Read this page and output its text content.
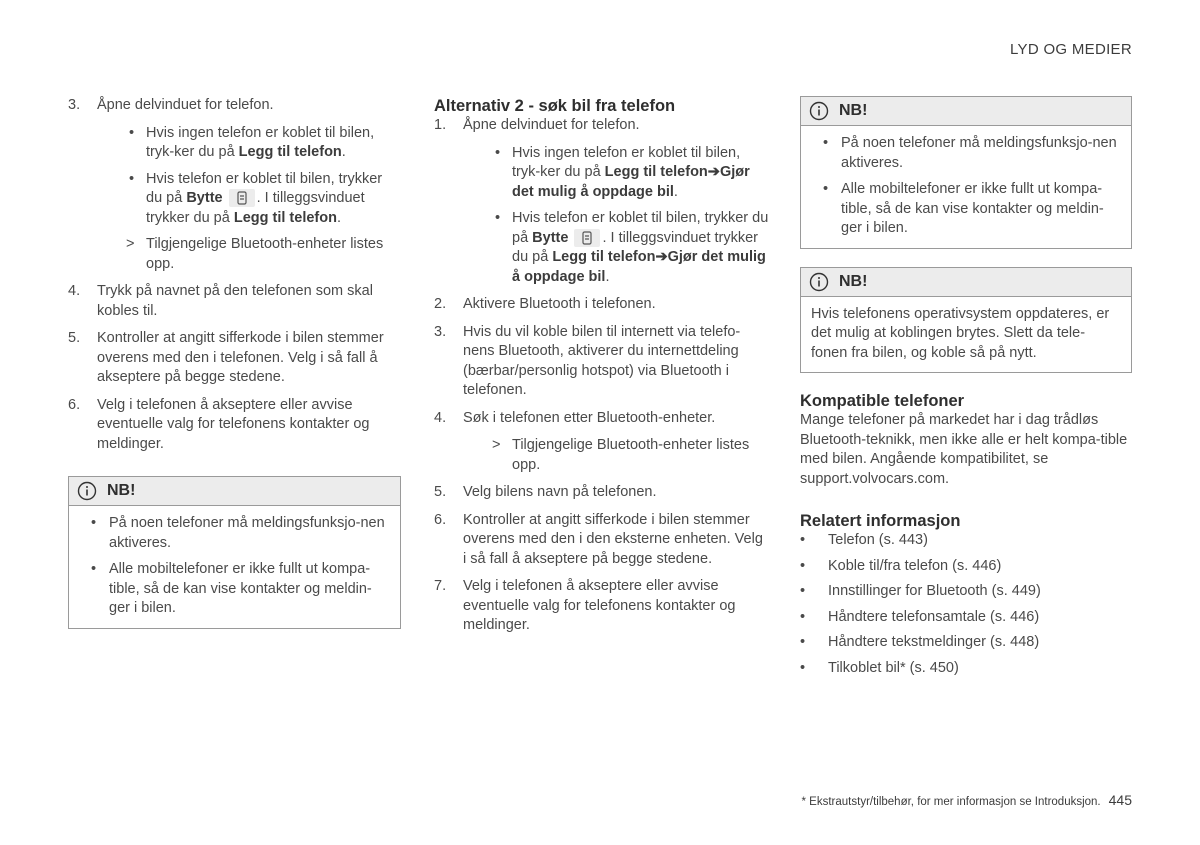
LYD OG MEDIER
3. Åpne delvinduet for telefon.
• Hvis ingen telefon er koblet til bilen, tryk-ker du på Legg til telefon.
• Hvis telefon er koblet til bilen, trykker du på Bytte . I tilleggsvinduet trykker du på Legg til telefon.
> Tilgjengelige Bluetooth-enheter listes opp.
4. Trykk på navnet på den telefonen som skal kobles til.
5. Kontroller at angitt sifferkode i bilen stemmer overens med den i telefonen. Velg i så fall å akseptere på begge stedene.
6. Velg i telefonen å akseptere eller avvise eventuelle valg for telefonens kontakter og meldinger.
NB!
• På noen telefoner må meldingsfunksjo-nen aktiveres.
• Alle mobiltelefoner er ikke fullt ut kompa-tible, så de kan vise kontakter og meldin-ger i bilen.
Alternativ 2 - søk bil fra telefon
1. Åpne delvinduet for telefon.
• Hvis ingen telefon er koblet til bilen, tryk-ker du på Legg til telefon➔Gjør det mulig å oppdage bil.
• Hvis telefon er koblet til bilen, trykker du på Bytte . I tilleggsvinduet trykker du på Legg til telefon➔Gjør det mulig å oppdage bil.
2. Aktivere Bluetooth i telefonen.
3. Hvis du vil koble bilen til internett via telefo-nens Bluetooth, aktiverer du internettdeling (bærbar/personlig hotspot) via Bluetooth i telefonen.
4. Søk i telefonen etter Bluetooth-enheter.
> Tilgjengelige Bluetooth-enheter listes opp.
5. Velg bilens navn på telefonen.
6. Kontroller at angitt sifferkode i bilen stemmer overens med den i den eksterne enheten. Velg i så fall å akseptere på begge stedene.
7. Velg i telefonen å akseptere eller avvise eventuelle valg for telefonens kontakter og meldinger.
NB!
• På noen telefoner må meldingsfunksjo-nen aktiveres.
• Alle mobiltelefoner er ikke fullt ut kompa-tible, så de kan vise kontakter og meldin-ger i bilen.
NB!
Hvis telefonens operativsystem oppdateres, er det mulig at koblingen brytes. Slett da tele-fonen fra bilen, og koble så på nytt.
Kompatible telefoner
Mange telefoner på markedet har i dag trådløs Bluetooth-teknikk, men ikke alle er helt kompa-tible med bilen. Angående kompatibilitet, se support.volvocars.com.
Relatert informasjon
• Telefon (s. 443)
• Koble til/fra telefon (s. 446)
• Innstillinger for Bluetooth (s. 449)
• Håndtere telefonsamtale (s. 446)
• Håndtere tekstmeldinger (s. 448)
• Tilkoblet bil* (s. 450)
* Ekstrautstyr/tilbehør, for mer informasjon se Introduksjon. 445
